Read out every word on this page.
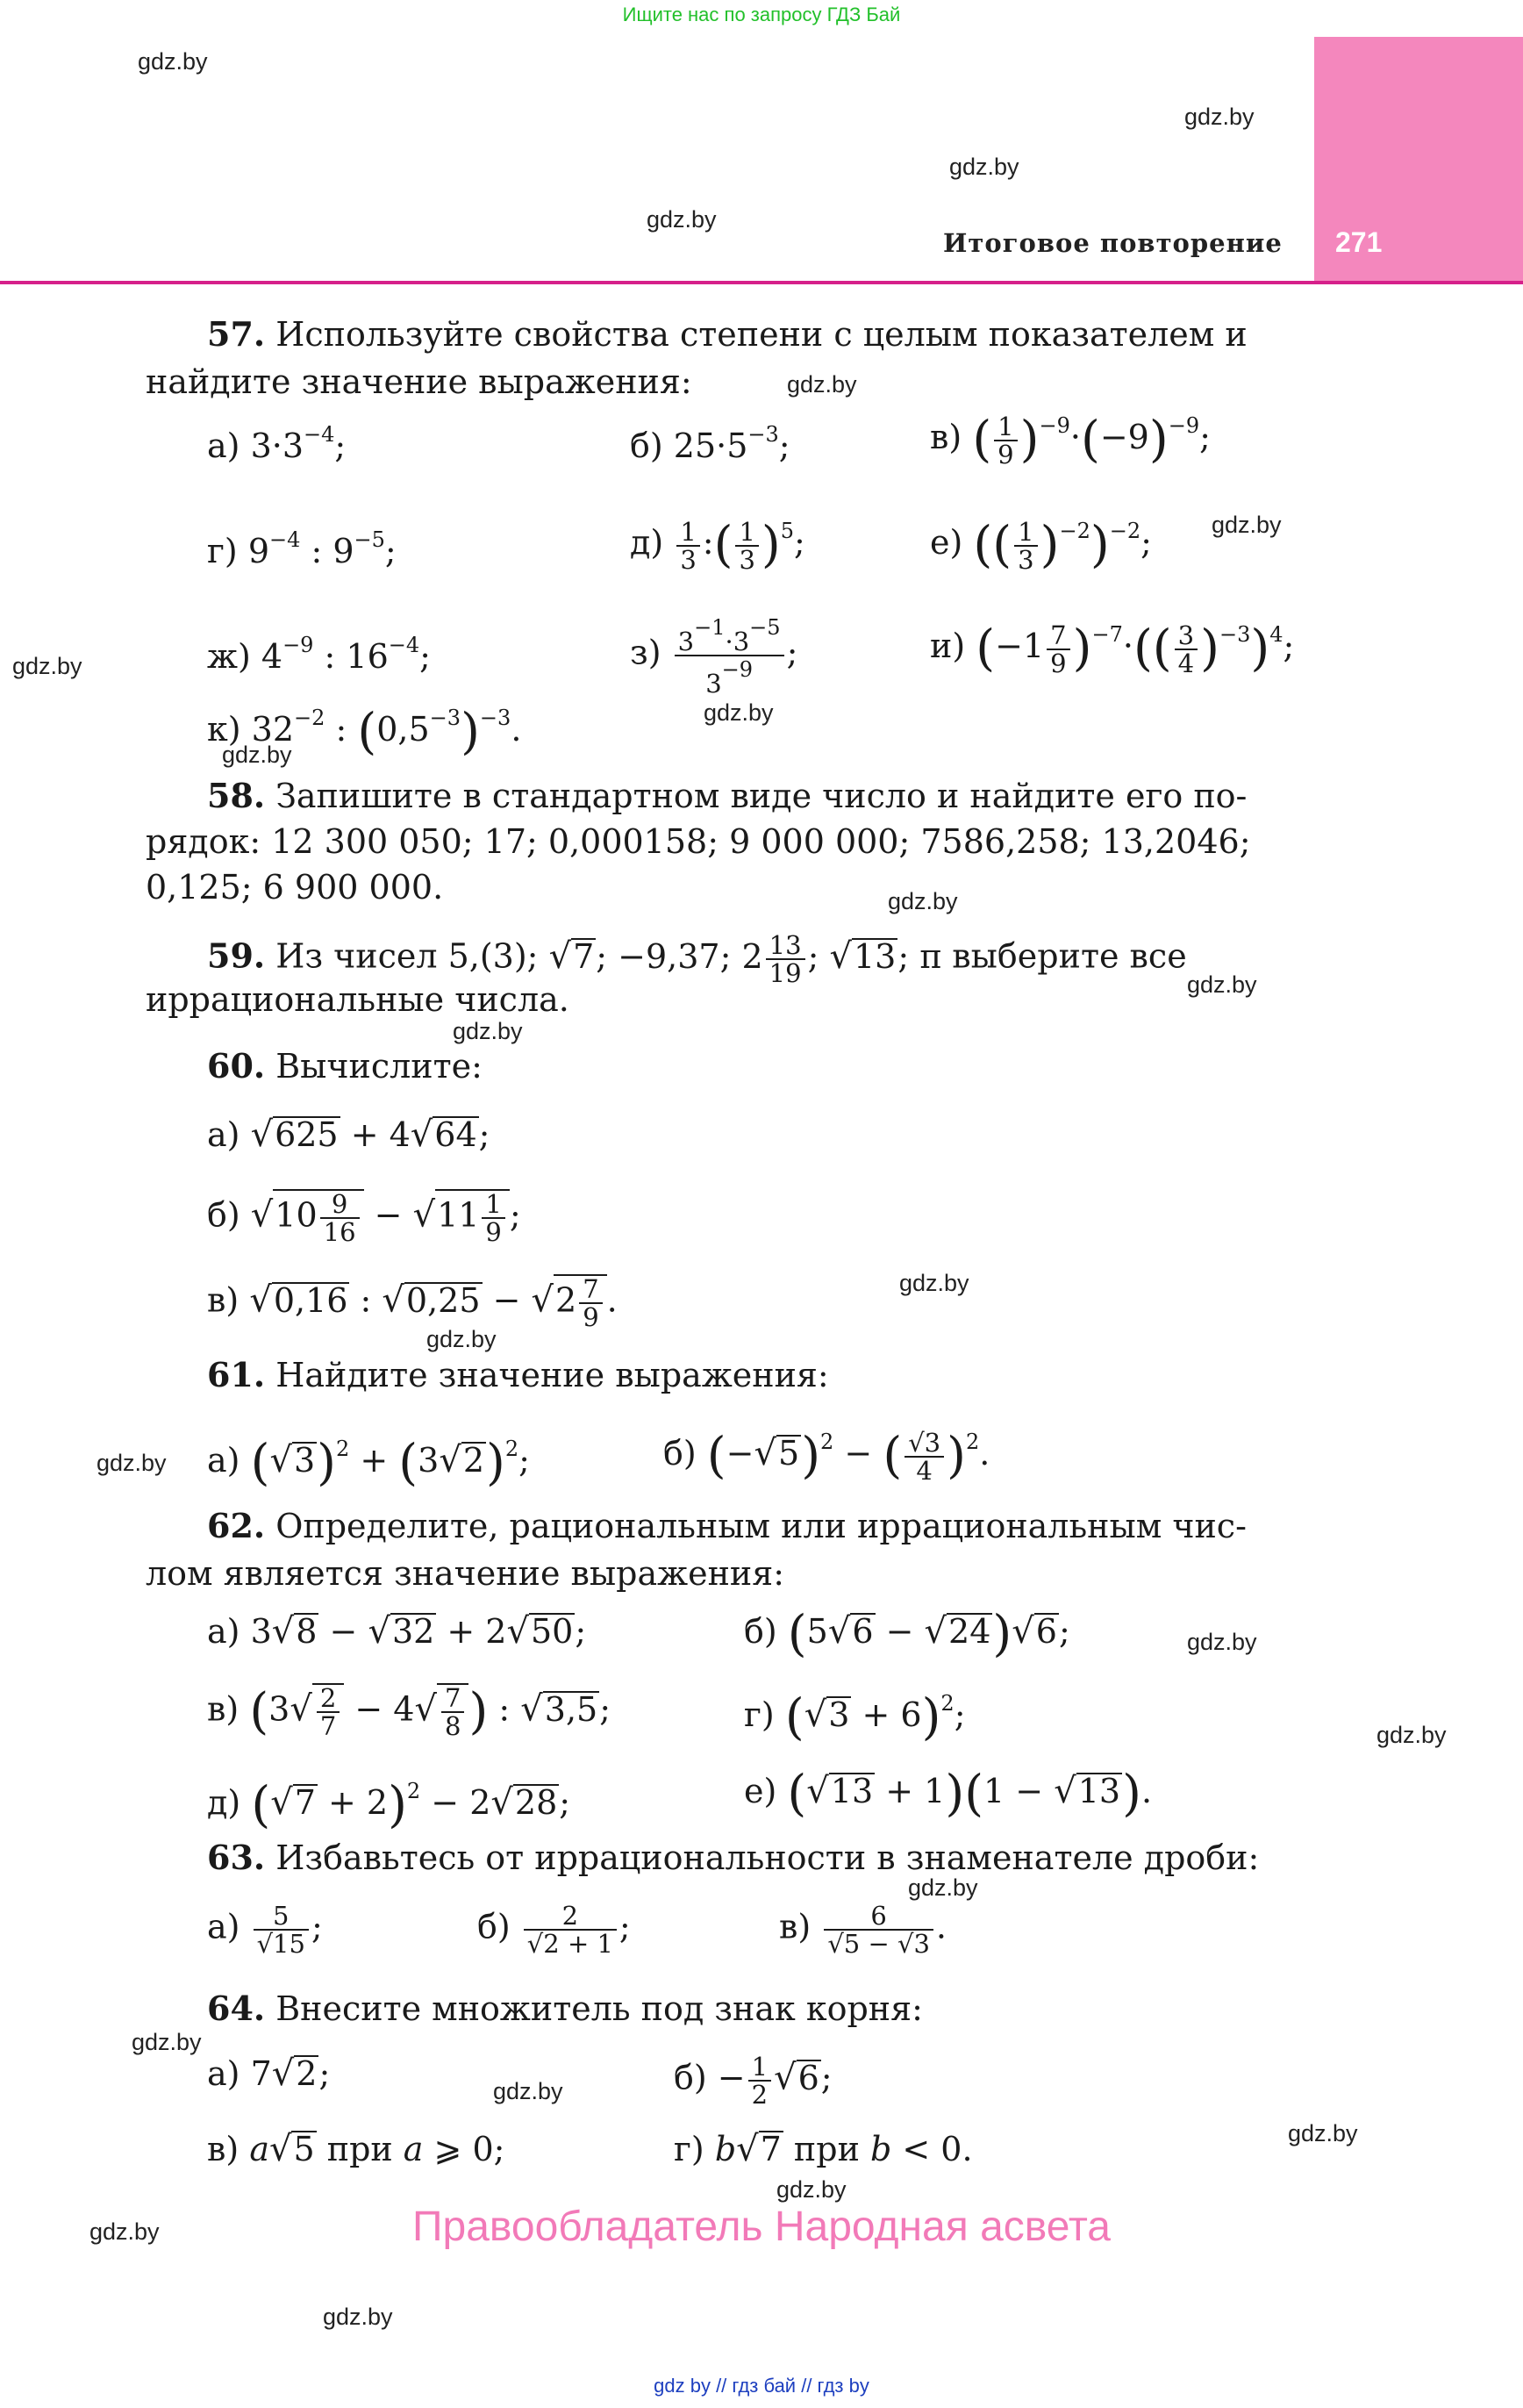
Ищите нас по запросу ГДЗ Бай
271
Итоговое повторение
gdz.by
gdz.by
gdz.by
gdz.by
gdz.by
gdz.by
gdz.by
gdz.by
gdz.by
gdz.by
gdz.by
gdz.by
gdz.by
gdz.by
gdz.by
gdz.by
gdz.by
gdz.by
gdz.by
gdz.by
gdz.by
gdz.by
gdz.by
gdz.by
57. Используйте свойства степени с целым показателем и
найдите значение выражения:
а) $3\cdot 3^{-4}$;	б) $25\cdot 5^{-3}$;	в) ( $\frac{1}{9} )^{-9}\cdot(-9)^{-9}$;
г) $9^{-4}$ : $9^{-5}$;	$д) \frac{1}{3}$ :( $\frac{1}{3} )^5$;	е) (( $\frac{1}{3} )^{-2})^{-2}$;
ж) $4^{-9}$ : $16^{-4}$;	$з) \frac{3^{-1}\cdot 3^{-5}}{3^{-9}}$ ;	и) $(-1 \frac{7}{9} )^{-7}\cdot(( \frac{3}{4} )^{-3})^4$;
к) $32^{-2}$ : $(0,5^{-3})^{-3}$.
58. Запишите в стандартном виде число и найдите его по-
рядок: 12 300 050; 17; 0,000158; 9 000 000; 7586,258; 13,2046;
0,125; 6 900 000.
59. Из чисел 5,(3); √7; −9,37; $2 \frac{13}{19}$ ; √13; π выберите все
иррациональные числа.
60. Вычислите:
а) √625 + 4√64;
б) $√10 \frac{9}{16} - √11 \frac{1}{9}$ ;
в) √0,16 : $√0,25 - √2 \frac{7}{9}$ .
61. Найдите значение выражения:
а) $(√3)^2 + (3√2)^2$;	б) $(-√5)^2$ − ( $\frac{√3}{4} )^2$.
62. Определите, рациональным или иррациональным чис-
лом является значение выражения:
а) 3√8 − √32 + 2√50;	б) (5√6 − √24)√6;
в) ($3√ \frac{2}{7} - 4√ \frac{7}{8}$ ) : √3,5;	г) $(√3 + 6)^2$;
д) $(√7 + 2)^2 - 2√28$;	е) (√13 + 1)(1 − √13).
63. Избавьтесь от иррациональности в знаменателе дроби:
$а) \frac{5}{√15}$ ;	$б) \frac{2}{√2 + 1}$ ;	$в) \frac{6}{√5 - √3}$ .
64. Внесите множитель под знак корня:
а) 7√2;	$б) - \frac{1}{2} √6$;
в) a√5 при a ⩾ 0;	г) b√7 при b < 0.
Правообладатель Народная асвета
gdz by // гдз бай // гдз by
